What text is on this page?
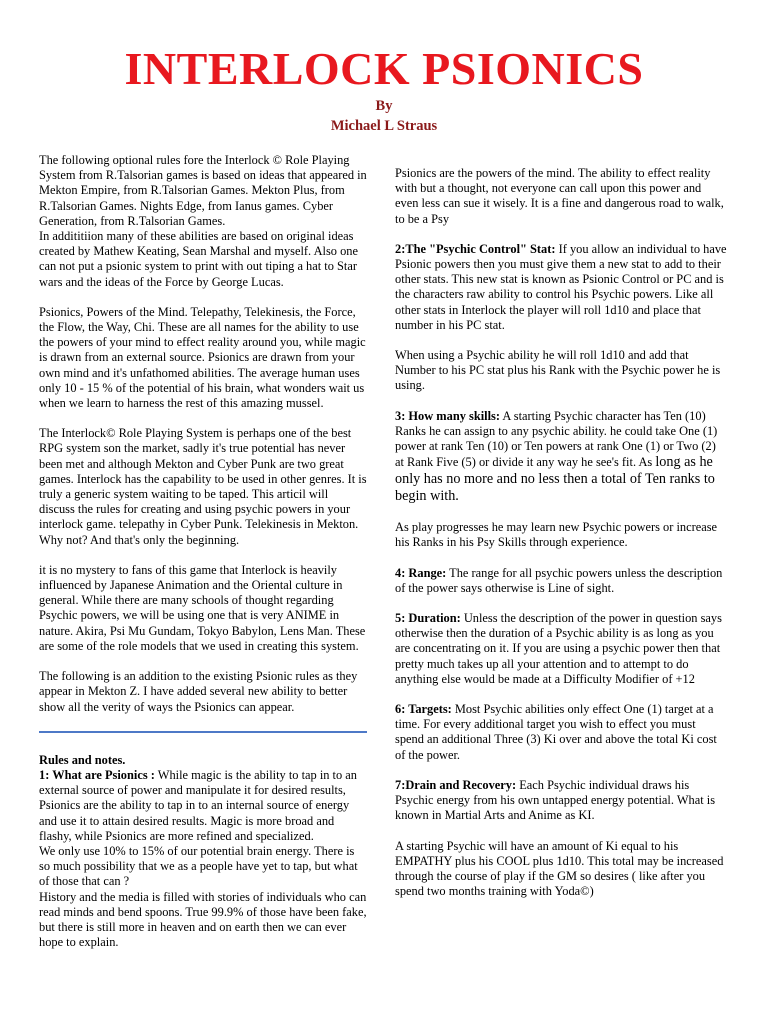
INTERLOCK PSIONICS
By
Michael L Straus

The following optional rules fore the Interlock © Role Playing System from R.Talsorian games is based on ideas that appeared in Mekton Empire, from R.Talsorian Games. Mekton Plus, from R.Talsorian Games. Nights Edge, from Ianus games. Cyber Generation, from R.Talsorian Games.
In addititiion many of these abilities are based on original ideas created by Mathew Keating, Sean Marshal and myself. Also one can not put a psionic system to print with out tiping a hat to Star wars and the ideas of the Force by George Lucas.

Psionics, Powers of the Mind. Telepathy, Telekinesis, the Force, the Flow, the Way, Chi. These are all names for the ability to use the powers of your mind to effect reality around you, while magic is drawn from an external source. Psionics are drawn from your own mind and it's unfathomed abilities. The average human uses only 10 - 15 % of the potential of his brain, what wonders wait us when we learn to harness the rest of this amazing mussel.

The Interlock© Role Playing System is perhaps one of the best RPG system son the market, sadly it's true potential has never been met and although Mekton and Cyber Punk are two great games. Interlock has the capability to be used in other genres. It is truly a generic system waiting to be taped. This articil will discuss the rules for creating and using psychic powers in your interlock game. telepathy in Cyber Punk. Telekinesis in Mekton. Why not? And that's only the beginning.

it is no mystery to fans of this game that Interlock is heavily influenced by Japanese Animation and the Oriental culture in general. While there are many schools of thought regarding Psychic powers, we will be using one that is very ANIME in nature. Akira, Psi Mu Gundam, Tokyo Babylon, Lens Man. These are some of the role models that we used in creating this system.

The following is an addition to the existing Psionic rules as they appear in Mekton Z. I have added several new ability to better show all the verity of ways the Psionics can appear.

Rules and notes.
1: What are Psionics : While magic is the ability to tap in to an external source of power and manipulate it for desired results, Psionics are the ability to tap in to an internal source of energy and use it to attain desired results. Magic is more broad and flashy, while Psionics are more refined and specialized.
We only use 10% to 15% of our potential brain energy. There is so much possibility that we as a people have yet to tap, but what of those that can ?
History and the media is filled with stories of individuals who can read minds and bend spoons. True 99.9% of those have been fake, but there is still more in heaven and on earth then we can ever hope to explain.

Psionics are the powers of the mind. The ability to effect reality with but a thought, not everyone can call upon this power and even less can sue it wisely. It is a fine and dangerous road to walk, to be a Psy

2:The "Psychic Control" Stat: If you allow an individual to have Psionic powers then you must give them a new stat to add to their other stats. This new stat is known as Psionic Control or PC and is the characters raw ability to control his Psychic powers. Like all other stats in Interlock the player will roll 1d10 and place that number in his PC stat.

When using a Psychic ability he will roll 1d10 and add that Number to his PC stat plus his Rank with the Psychic power he is using.

3: How many skills: A starting Psychic character has Ten (10) Ranks he can assign to any psychic ability. he could take One (1) power at rank Ten (10) or Ten powers at rank One (1) or Two (2) at Rank Five (5) or divide it any way he see's fit. As long as he only has no more and no less then a total of Ten ranks to begin with.

As play progresses he may learn new Psychic powers or increase his Ranks in his Psy Skills through experience.

4: Range: The range for all psychic powers unless the description of the power says otherwise is Line of sight.

5: Duration: Unless the description of the power in question says otherwise then the duration of a Psychic ability is as long as you are concentrating on it. If you are using a psychic power then that pretty much takes up all your attention and to attempt to do anything else would be made at a Difficulty Modifier of +12

6: Targets: Most Psychic abilities only effect One (1) target at a time. For every additional target you wish to effect you must spend an additional Three (3) Ki over and above the total Ki cost of the power.

7:Drain and Recovery: Each Psychic individual draws his Psychic energy from his own untapped energy potential. What is known in Martial Arts and Anime as KI.

A starting Psychic will have an amount of Ki equal to his EMPATHY plus his COOL plus 1d10. This total may be increased through the course of play if the GM so desires ( like after you spend two months training with Yoda©)
